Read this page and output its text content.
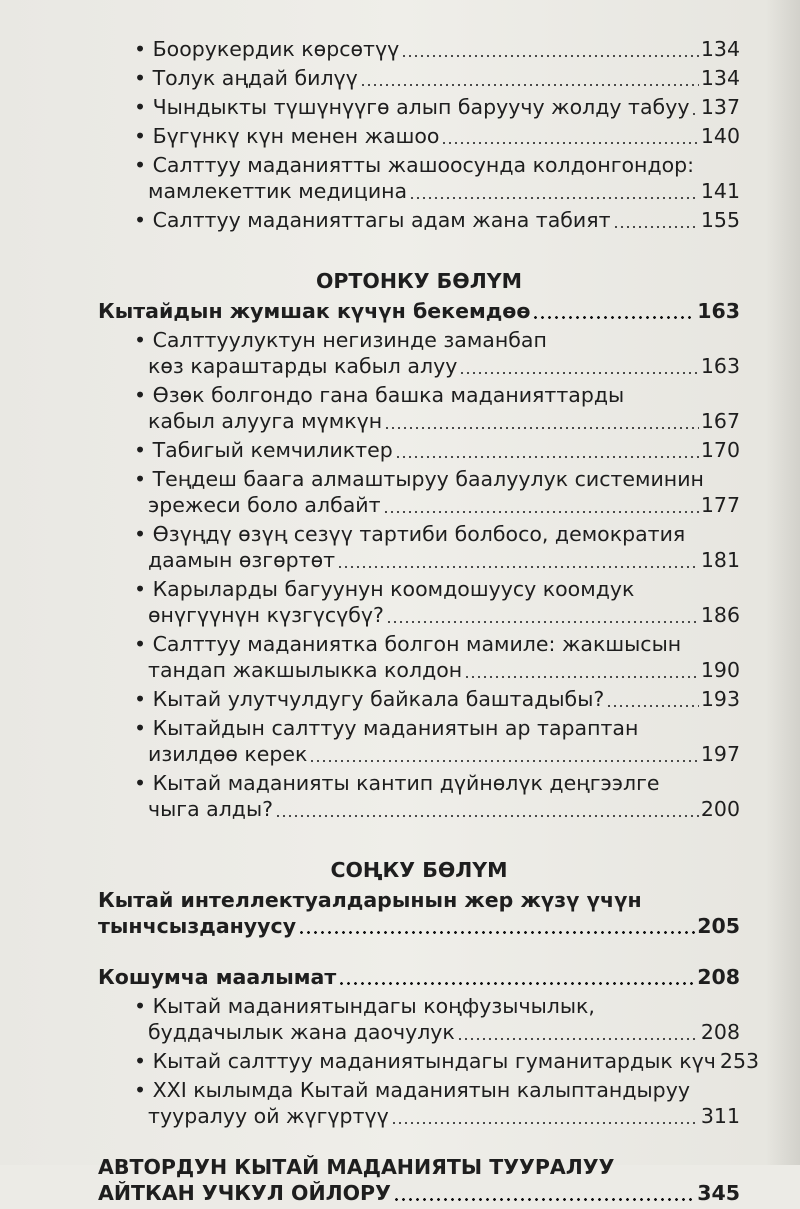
• Боорукердик көрсөтүү	134
• Толук аңдай билүү	134
• Чындыкты түшүнүүгө алып баруучу жолду табуу 137
• Бүгүнкү күн менен жашоо	140
• Салттуу маданиятты жашоосунда колдонгондор:
мамлекеттик медицина	141
• Салттуу маданияттагы адам жана табият	155
ОРТОНКУ БӨЛҮМ
Кытайдын жумшак күчүн бекемдөө	163
• Салттуулуктун негизинде заманбап
көз караштарды кабыл алуу	163
• Өзөк болгондо гана башка маданияттарды
кабыл алууга мүмкүн	167
• Табигый кемчиликтер	170
• Теңдеш баага алмаштыруу баалуулук системинин
эрежеси боло албайт	177
• Өзүңдү өзүң сезүү тартиби болбосо, демократия
даамын өзгөртөт	181
• Карыларды багуунун коомдошуусу коомдук
өнүгүүнүн күзгүсүбү?	186
• Салттуу маданиятка болгон мамиле: жакшысын
тандап жакшылыкка колдон	190
• Кытай улутчулдугу байкала баштадыбы?	193
• Кытайдын салттуу маданиятын ар тараптан
изилдөө керек	197
• Кытай маданияты кантип дүйнөлүк деңгээлге
чыга алды?	200
СОҢКУ БӨЛҮМ
Кытай интеллектуалдарынын жер жүзү үчүн
тынчсыздануусу	205
Кошумча маалымат	208
• Кытай маданиятындагы коңфузычылык,
буддачылык жана даочулук	208
• Кытай салттуу маданиятындагы гуманитардык күч 253
• XXI кылымда Кытай маданиятын калыптандыруу
тууралуу ой жүгүртүү	311
АВТОРДУН КЫТАЙ МАДАНИЯТЫ ТУУРАЛУУ
АЙТКАН УЧКУЛ ОЙЛОРУ	345
